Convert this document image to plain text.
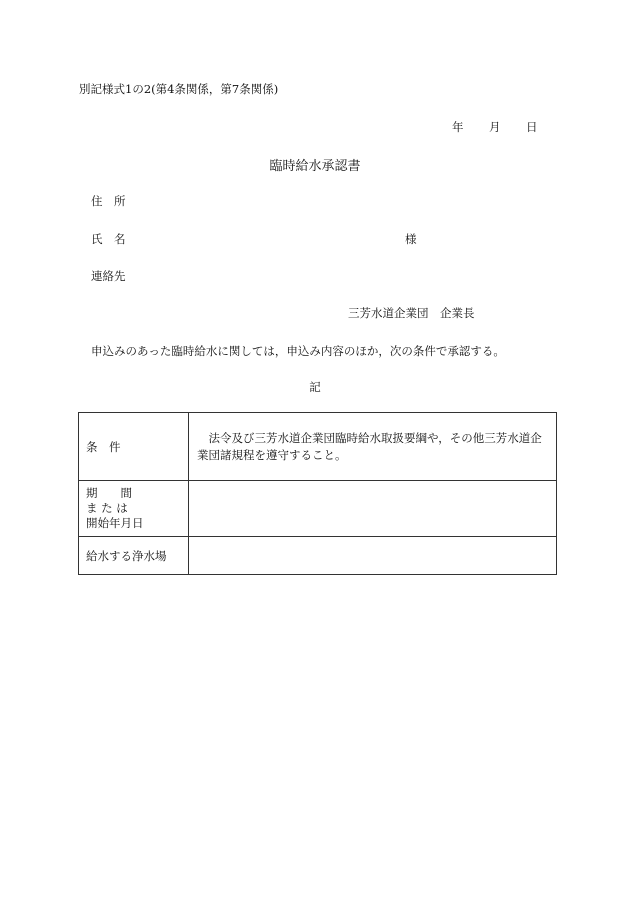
別記様式1の2(第4条関係，第7条関係)
年 月 日
臨時給水承認書
住　所
氏　名	様
連絡先
三芳水道企業団　企業長
申込みのあった臨時給水に関しては，申込み内容のほか，次の条件で承認する。
記
条　件	法令及び三芳水道企業団臨時給水取扱要綱や，その他三芳水道企業団諸規程を遵守すること。

期　　間
ま た は
開始年月日	

給水する浄水場	
